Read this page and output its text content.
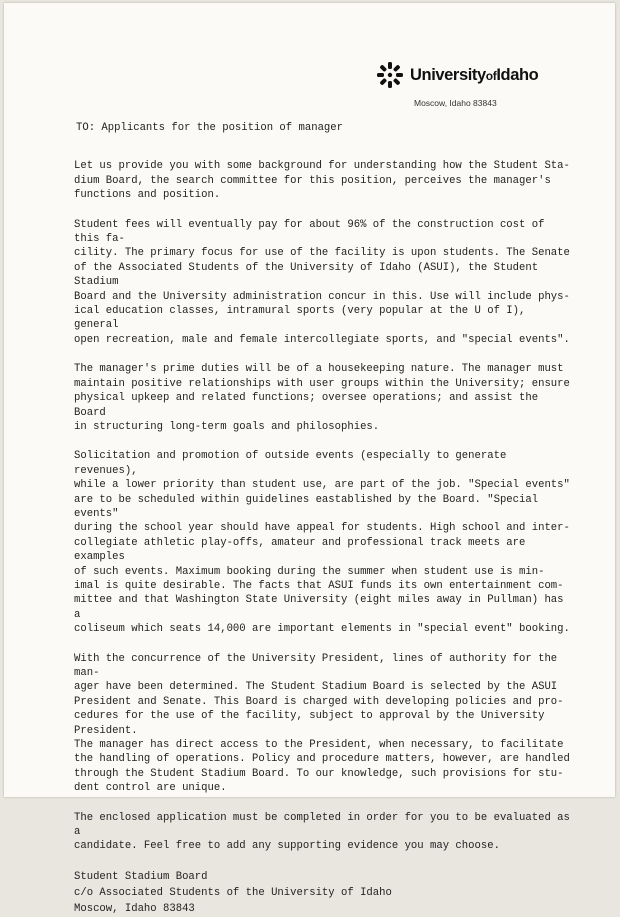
UniversityofIdaho
Moscow, Idaho 83843
TO: Applicants for the position of manager

Let us provide you with some background for understanding how the Student Sta-
dium Board, the search committee for this position, perceives the manager's
functions and position.

Student fees will eventually pay for about 96% of the construction cost of this fa-
cility. The primary focus for use of the facility is upon students. The Senate
of the Associated Students of the University of Idaho (ASUI), the Student Stadium
Board and the University administration concur in this. Use will include phys-
ical education classes, intramural sports (very popular at the U of I), general
open recreation, male and female intercollegiate sports, and "special events".

The manager's prime duties will be of a housekeeping nature. The manager must
maintain positive relationships with user groups within the University; ensure
physical upkeep and related functions; oversee operations; and assist the Board
in structuring long-term goals and philosophies.

Solicitation and promotion of outside events (especially to generate revenues),
while a lower priority than student use, are part of the job. "Special events"
are to be scheduled within guidelines eastablished by the Board. "Special events"
during the school year should have appeal for students. High school and inter-
collegiate athletic play-offs, amateur and professional track meets are examples
of such events. Maximum booking during the summer when student use is min-
imal is quite desirable. The facts that ASUI funds its own entertainment com-
mittee and that Washington State University (eight miles away in Pullman) has a
coliseum which seats 14,000 are important elements in "special event" booking.

With the concurrence of the University President, lines of authority for the man-
ager have been determined. The Student Stadium Board is selected by the ASUI
President and Senate. This Board is charged with developing policies and pro-
cedures for the use of the facility, subject to approval by the University President.
The manager has direct access to the President, when necessary, to facilitate
the handling of operations. Policy and procedure matters, however, are handled
through the Student Stadium Board. To our knowledge, such provisions for stu-
dent control are unique.

The enclosed application must be completed in order for you to be evaluated as a
candidate. Feel free to add any supporting evidence you may choose.

Student Stadium Board
c/o Associated Students of the University of Idaho
Moscow, Idaho 83843
